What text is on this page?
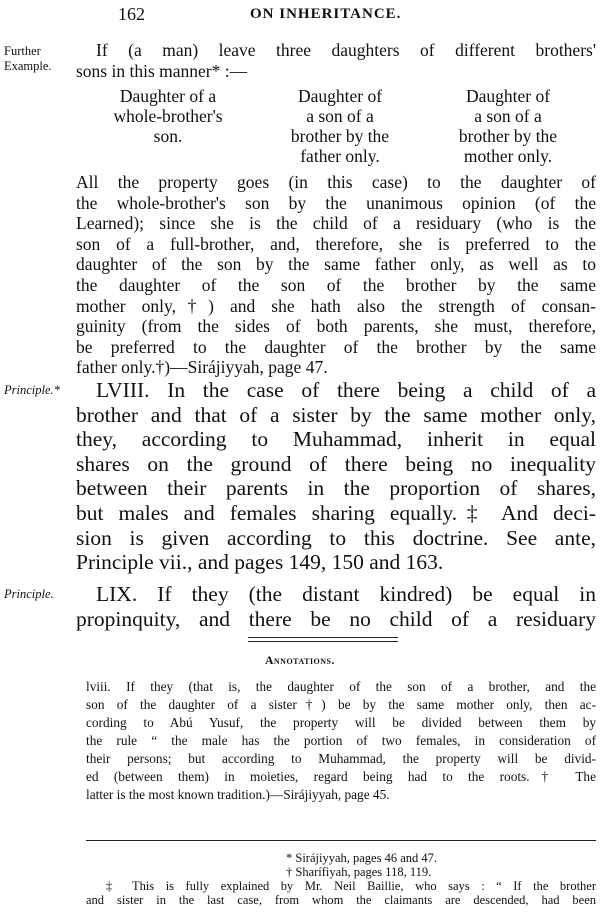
162	ON INHERITANCE.
Further
Example.
Principle.*
Principle.
If (a man) leave three daughters of different brothers'
sons in this manner* :—
Daughter of a
whole-brother's
son.
Daughter of
a son of a
brother by the
father only.
Daughter of
a son of a
brother by the
mother only.
All the property goes (in this case) to the daughter of
the whole-brother's son by the unanimous opinion (of the
Learned); since she is the child of a residuary (who is the
son of a full-brother, and, therefore, she is preferred to the
daughter of the son by the same father only, as well as to
the daughter of the son of the brother by the same
mother only,†) and she hath also the strength of consan-
guinity (from the sides of both parents, she must, therefore,
be preferred to the daughter of the brother by the same
father only.†)—Sirájiyyah, page 47.
LVIII. In the case of there being a child of a
brother and that of a sister by the same mother only,
they, according to Muhammad, inherit in equal
shares on the ground of there being no inequality
between their parents in the proportion of shares,
but males and females sharing equally.‡ And deci-
sion is given according to this doctrine. See ante,
Principle vii., and pages 149, 150 and 163.
LIX. If they (the distant kindred) be equal in
propinquity, and there be no child of a residuary
Annotations.
lviii. If they (that is, the daughter of the son of a brother, and the
son of the daughter of a sister†) be by the same mother only, then ac-
cording to Abú Yusuf, the property will be divided between them by
the rule “ the male has the portion of two females, in consideration of
their persons; but according to Muhammad, the property will be divid-
ed (between them) in moieties, regard being had to the roots.† The
latter is the most known tradition.)—Sirájiyyah, page 45.
* Sirájiyyah, pages 46 and 47.
† Sharífiyah, pages 118, 119.
‡ This is fully explained by Mr. Neil Baillie, who says : “ If the brother
and sister in the last case, from whom the claimants are descended, had been
